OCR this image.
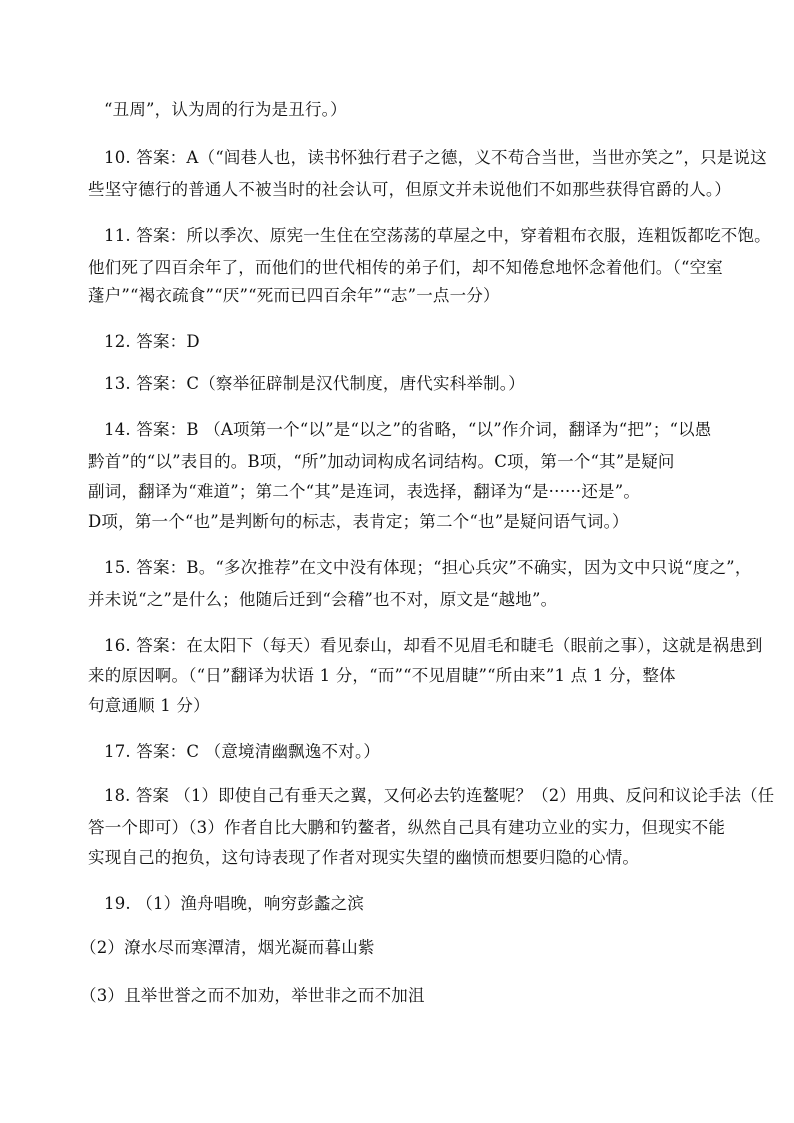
“丑周”，认为周的行为是丑行。）
10. 答案：A（“闾巷人也，读书怀独行君子之德，义不苟合当世，当世亦笑之”，只是说这
些坚守德行的普通人不被当时的社会认可，但原文并未说他们不如那些获得官爵的人。）
11. 答案：所以季次、原宪一生住在空荡荡的草屋之中，穿着粗布衣服，连粗饭都吃不饱。
他们死了四百余年了，而他们的世代相传的弟子们，却不知倦怠地怀念着他们。（“空室
蓬户”“褐衣疏食”“厌”“死而已四百余年”“志”一点一分）
12. 答案：D
13. 答案：C（察举征辟制是汉代制度，唐代实科举制。）
14. 答案：B （A项第一个“以”是“以之”的省略，“以”作介词，翻译为“把”；“以愚
黔首”的“以”表目的。B项，“所”加动词构成名词结构。C项，第一个“其”是疑问
副词，翻译为“难道”；第二个“其”是连词，表选择，翻译为“是······还是”。
D项，第一个“也”是判断句的标志，表肯定；第二个“也”是疑问语气词。）
15. 答案：B。“多次推荐”在文中没有体现；“担心兵灾”不确实，因为文中只说“度之”，
并未说“之”是什么；他随后迁到“会稽”也不对，原文是“越地”。
16. 答案：在太阳下（每天）看见泰山，却看不见眉毛和睫毛（眼前之事），这就是祸患到
来的原因啊。（“日”翻译为状语 1 分，“而”“不见眉睫”“所由来”1 点 1 分，整体
句意通顺 1 分）
17. 答案：C （意境清幽飘逸不对。）
18. 答案 （1）即使自己有垂天之翼，又何必去钓连鳌呢？（2）用典、反问和议论手法（任
答一个即可）（3）作者自比大鹏和钓鳌者，纵然自己具有建功立业的实力，但现实不能
实现自己的抱负，这句诗表现了作者对现实失望的幽愤而想要归隐的心情。
19. （1）渔舟唱晚，响穷彭蠡之滨
（2）潦水尽而寒潭清，烟光凝而暮山紫
（3）且举世誉之而不加劝，举世非之而不加沮
